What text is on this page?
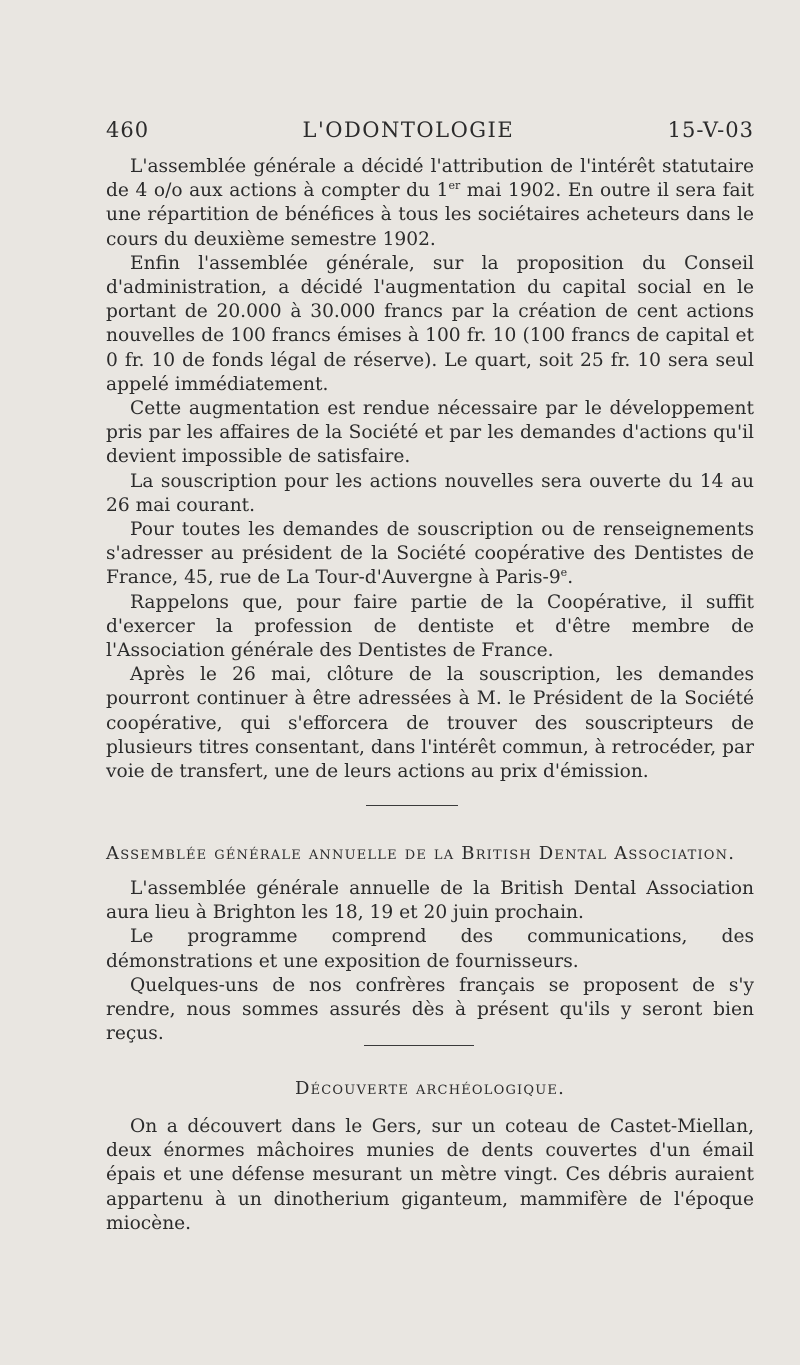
460	L'ODONTOLOGIE	15-V-03

L'assemblée générale a décidé l'attribution de l'intérêt statutaire de 4 o/o aux actions à compter du 1er mai 1902. En outre il sera fait une répartition de bénéfices à tous les sociétaires acheteurs dans le cours du deuxième semestre 1902.

Enfin l'assemblée générale, sur la proposition du Conseil d'administration, a décidé l'augmentation du capital social en le portant de 20.000 à 30.000 francs par la création de cent actions nouvelles de 100 francs émises à 100 fr. 10 (100 francs de capital et 0 fr. 10 de fonds légal de réserve). Le quart, soit 25 fr. 10 sera seul appelé immédiatement.

Cette augmentation est rendue nécessaire par le développement pris par les affaires de la Société et par les demandes d'actions qu'il devient impossible de satisfaire.

La souscription pour les actions nouvelles sera ouverte du 14 au 26 mai courant.

Pour toutes les demandes de souscription ou de renseignements s'adresser au président de la Société coopérative des Dentistes de France, 45, rue de La Tour-d'Auvergne à Paris-9e.

Rappelons que, pour faire partie de la Coopérative, il suffit d'exercer la profession de dentiste et d'être membre de l'Association générale des Dentistes de France.

Après le 26 mai, clôture de la souscription, les demandes pourront continuer à être adressées à M. le Président de la Société coopérative, qui s'efforcera de trouver des souscripteurs de plusieurs titres consentant, dans l'intérêt commun, à retrocéder, par voie de transfert, une de leurs actions au prix d'émission.

Assemblée générale annuelle de la British Dental Association.

L'assemblée générale annuelle de la British Dental Association aura lieu à Brighton les 18, 19 et 20 juin prochain.

Le programme comprend des communications, des démonstrations et une exposition de fournisseurs.

Quelques-uns de nos confrères français se proposent de s'y rendre, nous sommes assurés dès à présent qu'ils y seront bien reçus.

Découverte archéologique.

On a découvert dans le Gers, sur un coteau de Castet-Miellan, deux énormes mâchoires munies de dents couvertes d'un émail épais et une défense mesurant un mètre vingt. Ces débris auraient appartenu à un dinotherium giganteum, mammifère de l'époque miocène.
